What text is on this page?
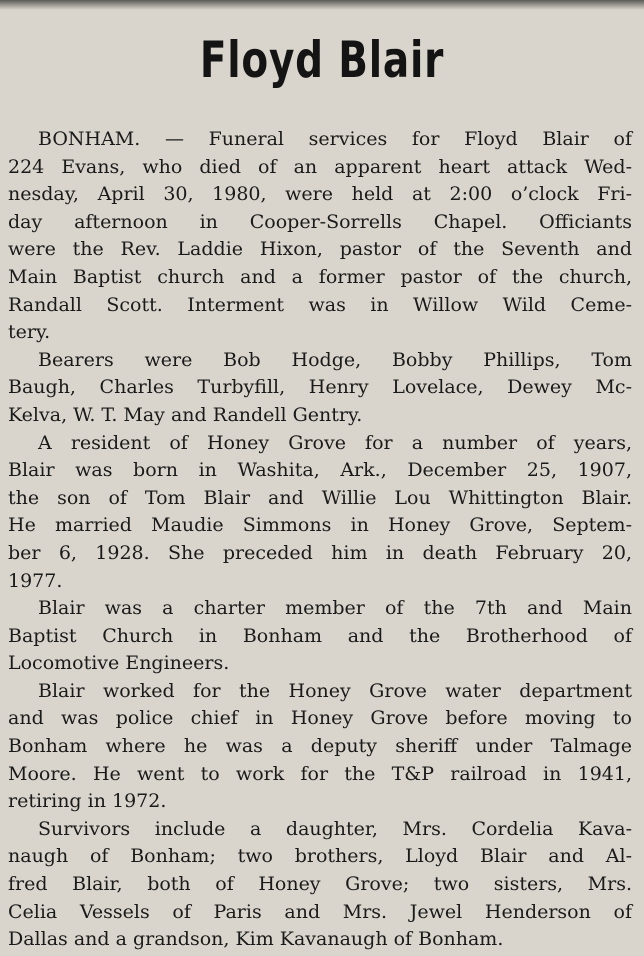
Floyd Blair

BONHAM. — Funeral services for Floyd Blair of
224 Evans, who died of an apparent heart attack Wed-
nesday, April 30, 1980, were held at 2:00 o’clock Fri-
day afternoon in Cooper-Sorrells Chapel. Officiants
were the Rev. Laddie Hixon, pastor of the Seventh and
Main Baptist church and a former pastor of the church,
Randall Scott. Interment was in Willow Wild Ceme-
tery.

Bearers were Bob Hodge, Bobby Phillips, Tom
Baugh, Charles Turbyfill, Henry Lovelace, Dewey Mc-
Kelva, W. T. May and Randell Gentry.

A resident of Honey Grove for a number of years,
Blair was born in Washita, Ark., December 25, 1907,
the son of Tom Blair and Willie Lou Whittington Blair.
He married Maudie Simmons in Honey Grove, Septem-
ber 6, 1928. She preceded him in death February 20,
1977.

Blair was a charter member of the 7th and Main
Baptist Church in Bonham and the Brotherhood of
Locomotive Engineers.

Blair worked for the Honey Grove water department
and was police chief in Honey Grove before moving to
Bonham where he was a deputy sheriff under Talmage
Moore. He went to work for the T&P railroad in 1941,
retiring in 1972.

Survivors include a daughter, Mrs. Cordelia Kava-
naugh of Bonham; two brothers, Lloyd Blair and Al-
fred Blair, both of Honey Grove; two sisters, Mrs.
Celia Vessels of Paris and Mrs. Jewel Henderson of
Dallas and a grandson, Kim Kavanaugh of Bonham.
